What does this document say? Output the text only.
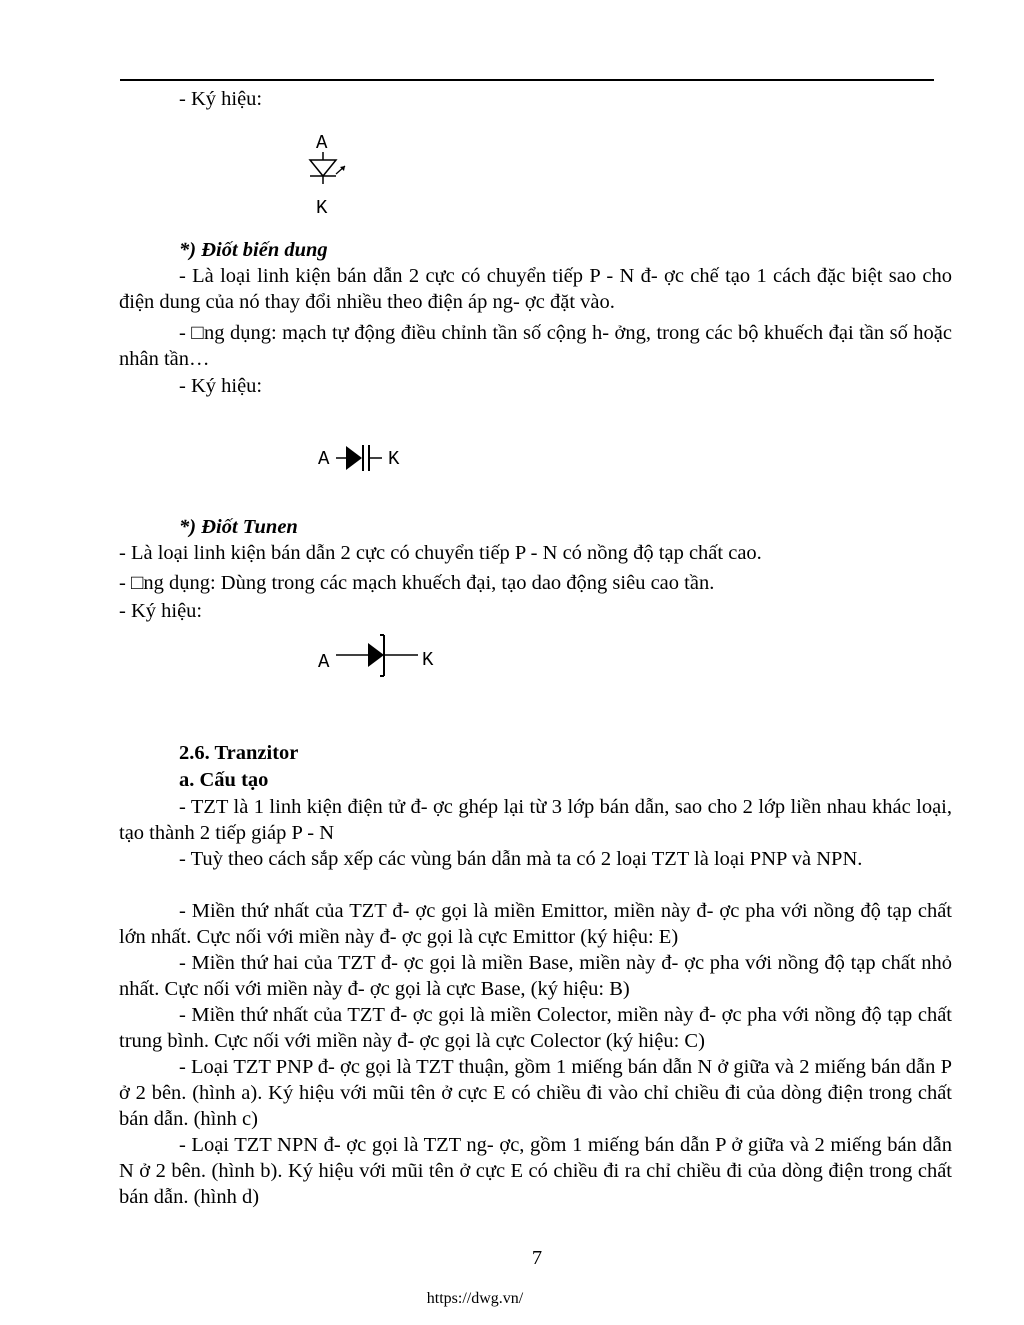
- Ký hiệu:
A
K
*) Điốt biến dung
- Là loại linh kiện bán dẫn 2 cực có chuyển tiếp P - N đ- ợc chế tạo 1 cách đặc biệt sao cho điện dung của nó thay đổi nhiều theo điện áp ng- ợc đặt vào.
- □ng dụng: mạch tự động điều chỉnh tần số cộng h- ởng, trong các bộ khuếch đại tần số hoặc nhân tần…
- Ký hiệu:
A	K
*) Điốt Tunen
- Là loại linh kiện bán dẫn 2 cực có chuyển tiếp P - N có nồng độ tạp chất cao.
- □ng dụng: Dùng trong các mạch khuếch đại, tạo dao động siêu cao tần.
- Ký hiệu:
A	K
2.6. Tranzitor
a. Cấu tạo
- TZT là 1 linh kiện điện tử đ- ợc ghép lại từ 3 lớp bán dẫn, sao cho 2 lớp liền nhau khác loại, tạo thành 2 tiếp giáp P - N
- Tuỳ theo cách sắp xếp các vùng bán dẫn mà ta có 2 loại TZT là loại PNP và NPN.
- Miền thứ nhất của TZT đ- ợc gọi là miền Emittor, miền này đ- ợc pha với nồng độ tạp chất lớn nhất. Cực nối với miền này đ- ợc gọi là cực Emittor (ký hiệu: E)
- Miền thứ hai của TZT đ- ợc gọi là miền Base, miền này đ- ợc pha với nồng độ tạp chất nhỏ nhất. Cực nối với miền này đ- ợc gọi là cực Base, (ký hiệu: B)
- Miền thứ nhất của TZT đ- ợc gọi là miền Colector, miền này đ- ợc pha với nồng độ tạp chất trung bình. Cực nối với miền này đ- ợc gọi là cực Colector (ký hiệu: C)
- Loại TZT PNP đ- ợc gọi là TZT thuận, gồm 1 miếng bán dẫn N ở giữa và 2 miếng bán dẫn P ở 2 bên. (hình a). Ký hiệu với mũi tên ở cực E có chiều đi vào chỉ chiều đi của dòng điện trong chất bán dẫn. (hình c)
- Loại TZT NPN đ- ợc gọi là TZT ng- ợc, gồm 1 miếng bán dẫn P ở giữa và 2 miếng bán dẫn N ở 2 bên. (hình b). Ký hiệu với mũi tên ở cực E có chiều đi ra chỉ chiều đi của dòng điện trong chất bán dẫn. (hình d)
7
https://dwg.vn/
